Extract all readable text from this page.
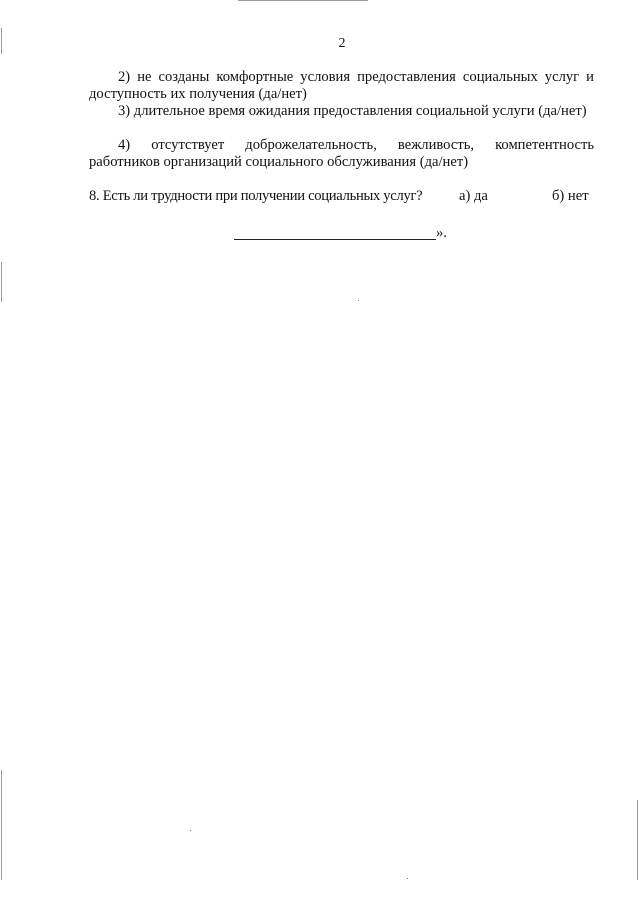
2

2) не созданы комфортные условия предоставления социальных услуг и доступность их получения (да/нет)

3) длительное время ожидания предоставления социальной услуги (да/нет)

4) отсутствует доброжелательность, вежливость, компетентность работников организаций социального обслуживания (да/нет)

8. Есть ли трудности при получении социальных услуг?	а) да	б) нет
».
